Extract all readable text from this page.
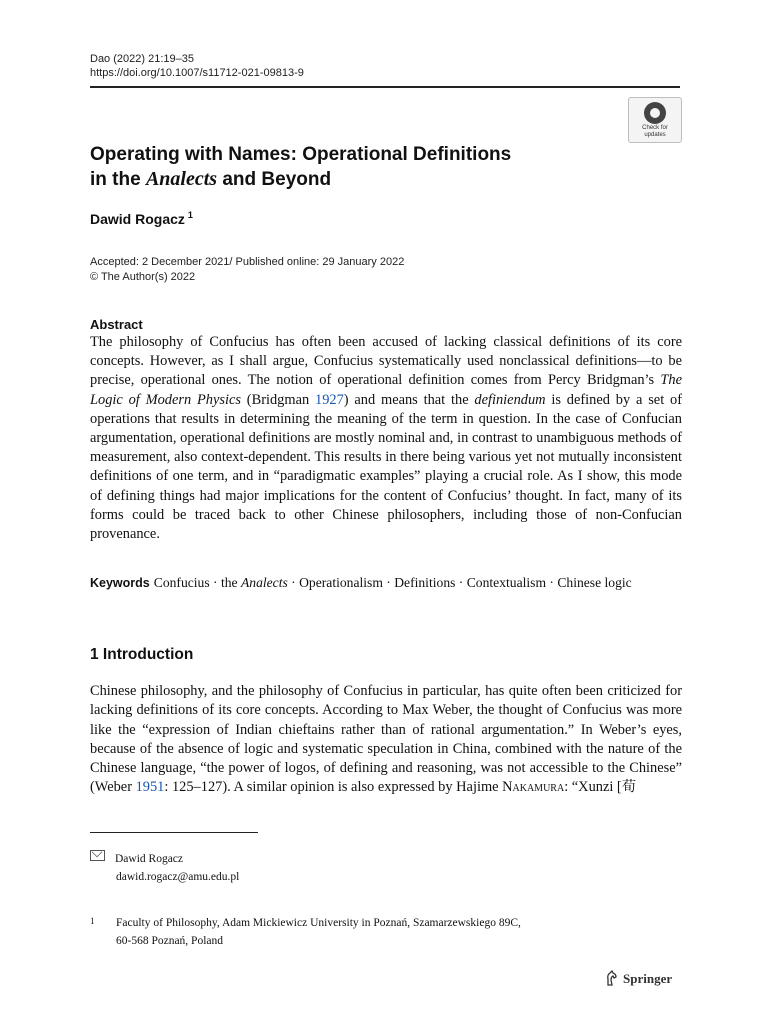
Dao (2022) 21:19–35
https://doi.org/10.1007/s11712-021-09813-9
Check for
updates
Operating with Names: Operational Definitions
in the Analects and Beyond
Dawid Rogacz $^1$
Accepted: 2 December 2021/ Published online: 29 January 2022
© The Author(s) 2022
Abstract
The philosophy of Confucius has often been accused of lacking classical definitions of its core concepts. However, as I shall argue, Confucius systematically used nonclassical definitions—to be precise, operational ones. The notion of operational definition comes from Percy Bridgman’s The Logic of Modern Physics (Bridgman 1927) and means that the definiendum is defined by a set of operations that results in determining the meaning of the term in question. In the case of Confucian argumentation, operational definitions are mostly nominal and, in contrast to unambiguous methods of measurement, also context-dependent. This results in there being various yet not mutually inconsistent definitions of one term, and in “paradigmatic examples” playing a crucial role. As I show, this mode of defining things had major implications for the content of Confucius’ thought. In fact, many of its forms could be traced back to other Chinese philosophers, including those of non-Confucian provenance.
Keywords Confucius · the Analects · Operationalism · Definitions · Contextualism · Chinese logic
1 Introduction
Chinese philosophy, and the philosophy of Confucius in particular, has quite often been criticized for lacking definitions of its core concepts. According to Max Weber, the thought of Confucius was more like the “expression of Indian chieftains rather than of rational argumentation.” In Weber’s eyes, because of the absence of logic and systematic speculation in China, combined with the nature of the Chinese language, “the power of logos, of defining and reasoning, was not accessible to the Chinese” (Weber 1951: 125–127). A similar opinion is also expressed by Hajime Nakamura: “Xunzi [荀
Dawid Rogacz
dawid.rogacz@amu.edu.pl
1	Faculty of Philosophy, Adam Mickiewicz University in Poznań, Szamarzewskiego 89C,
60-568 Poznań, Poland
Springer
